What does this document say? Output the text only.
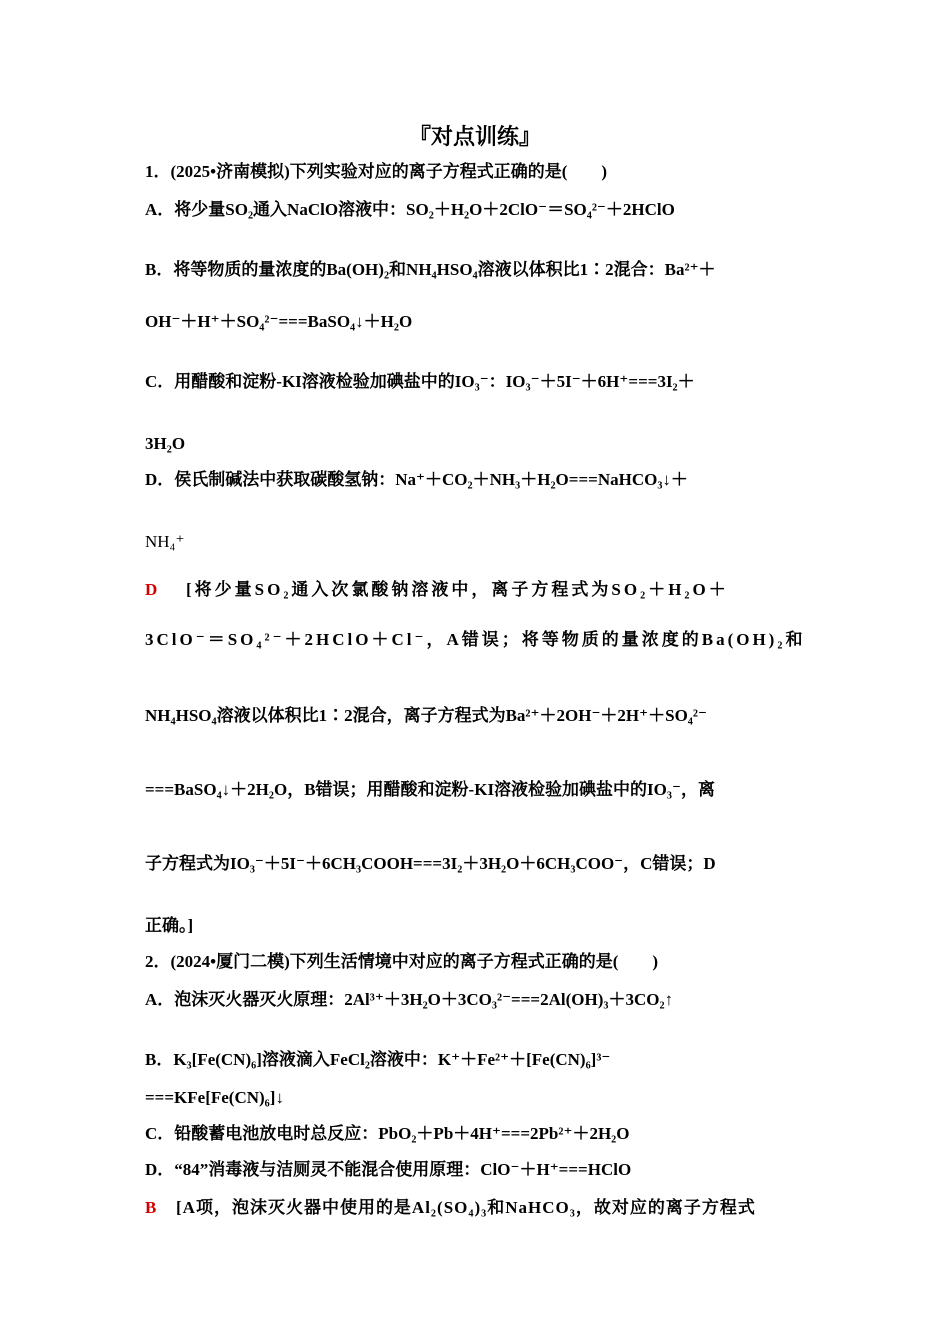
『对点训练』
1．(2025•济南模拟)下列实验对应的离子方程式正确的是(　　)
A．将少量SO₂通入NaClO溶液中：SO₂＋H₂O＋2ClO⁻＝SO₄²⁻＋2HClO
B．将等物质的量浓度的Ba(OH)₂和NH₄HSO₄溶液以体积比1∶2混合：Ba²⁺＋
OH⁻＋H⁺＋SO₄²⁻===BaSO₄↓＋H₂O
C．用醋酸和淀粉-KI溶液检验加碘盐中的IO₃⁻：IO₃⁻＋5I⁻＋6H⁺===3I₂＋
3H₂O
D．侯氏制碱法中获取碳酸氢钠：Na⁺＋CO₂＋NH₃＋H₂O===NaHCO₃↓＋
NH₄⁺
D [将少量SO₂通入次氯酸钠溶液中，离子方程式为SO₂＋H₂O＋
3ClO⁻＝SO₄²⁻＋2HClO＋Cl⁻，A错误；将等物质的量浓度的Ba(OH)₂和
NH₄HSO₄溶液以体积比1∶2混合，离子方程式为Ba²⁺＋2OH⁻＋2H⁺＋SO₄²⁻
===BaSO₄↓＋2H₂O，B错误；用醋酸和淀粉-KI溶液检验加碘盐中的IO₃⁻，离
子方程式为IO₃⁻＋5I⁻＋6CH₃COOH===3I₂＋3H₂O＋6CH₃COO⁻，C错误；D
正确。]
2．(2024•厦门二模)下列生活情境中对应的离子方程式正确的是(　　)
A．泡沫灭火器灭火原理：2Al³⁺＋3H₂O＋3CO₃²⁻===2Al(OH)₃＋3CO₂↑
B．K₃[Fe(CN)₆]溶液滴入FeCl₂溶液中：K⁺＋Fe²⁺＋[Fe(CN)₆]³⁻
===KFe[Fe(CN)₆]↓
C．铅酸蓄电池放电时总反应：PbO₂＋Pb＋4H⁺===2Pb²⁺＋2H₂O
D．“84”消毒液与洁厕灵不能混合使用原理：ClO⁻＋H⁺===HClO
B [A项，泡沫灭火器中使用的是Al₂(SO₄)₃和NaHCO₃，故对应的离子方程式
